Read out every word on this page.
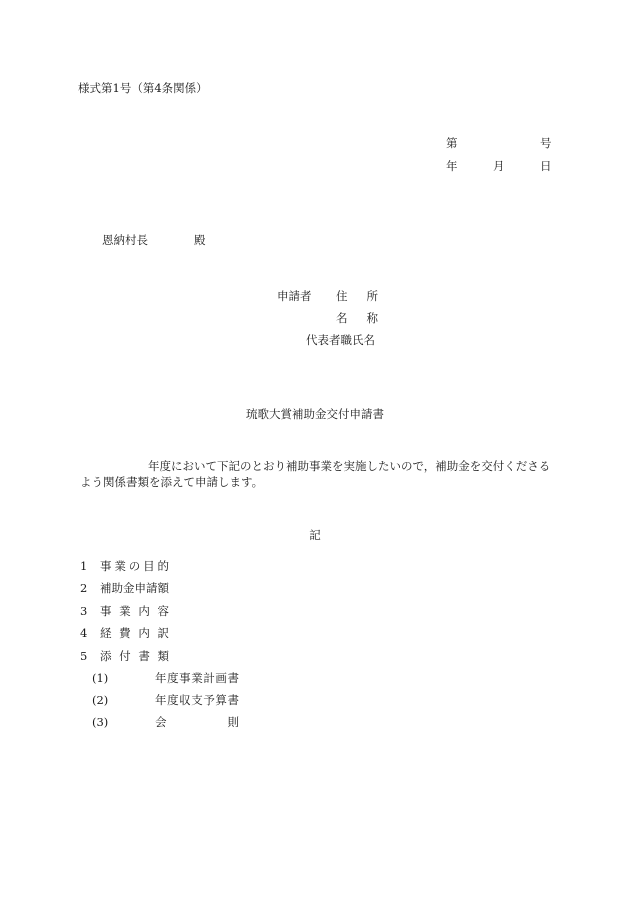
様式第1号（第4条関係）
第	号
年	月	日
恩納村長	殿
申請者 住 所
名 称
代表者職氏名
琉歌大賞補助金交付申請書
年度において下記のとおり補助事業を実施したいので，補助金を交付くださる
よう関係書類を添えて申請します。
記
1 事 業 の 目 的
2 補 助 金 申 請 額
3 事 業 内 容
4 経 費 内 訳
5 添 付 書 類
(1)	年 度 事 業 計 画 書
(2)	年 度 収 支 予 算 書
(3)	会	則
